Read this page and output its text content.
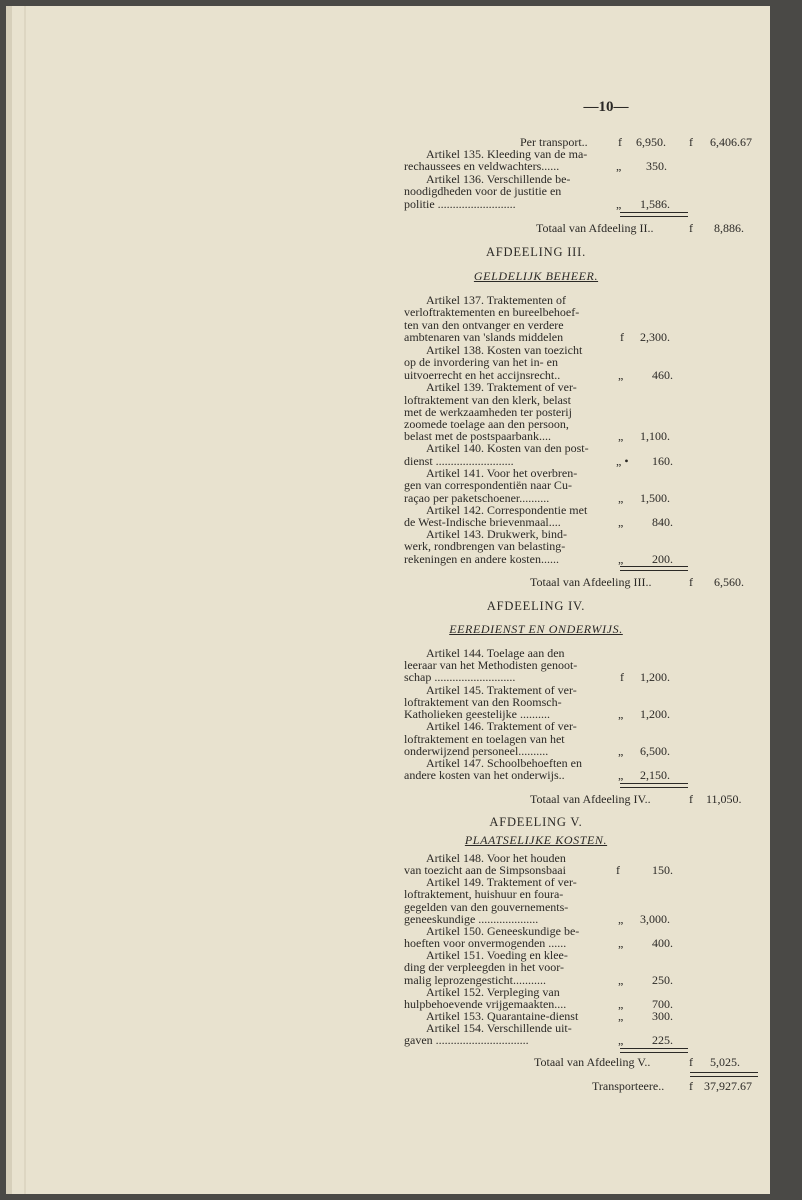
—10—
Per transport..	f 6,950. f 6,406.67
Artikel 135. Kleeding van de ma-
rechaussees en veldwachters......	„ 350.
Artikel 136. Verschillende be-
noodigdheden voor de justitie en
politie ..........................	„ 1,586.
Totaal van Afdeeling II..	f 8,886.
AFDEELING III.
GELDELIJK BEHEER.
Artikel 137. Traktementen of
verloftraktementen en bureelbehoef-
ten van den ontvanger en verdere
ambtenaren van 'slands middelen	f 2,300.
Artikel 138. Kosten van toezicht
op de invordering van het in- en
uitvoerrecht en het accijnsrecht..	„ 460.
Artikel 139. Traktement of ver-
loftraktement van den klerk, belast
met de werkzaamheden ter posterij
zoomede toelage aan den persoon,
belast met de postspaarbank....	„ 1,100.
Artikel 140. Kosten van den post-
dienst ..........................	„ • 160.
Artikel 141. Voor het overbren-
gen van correspondentiën naar Cu-
raçao per paketschoener..........	„ 1,500.
Artikel 142. Correspondentie met
de West-Indische brievenmaal....	„ 840.
Artikel 143. Drukwerk, bind-
werk, rondbrengen van belasting-
rekeningen en andere kosten......	„ 200.
Totaal van Afdeeling III..	f 6,560.
AFDEELING IV.
EEREDIENST EN ONDERWIJS.
Artikel 144. Toelage aan den
leeraar van het Methodisten genoot-
schap ...........................	f 1,200.
Artikel 145. Traktement of ver-
loftraktement van den Roomsch-
Katholieken geestelijke ..........	„ 1,200.
Artikel 146. Traktement of ver-
loftraktement en toelagen van het
onderwijzend personeel..........	„ 6,500.
Artikel 147. Schoolbehoeften en
andere kosten van het onderwijs..	„ 2,150.
Totaal van Afdeeling IV..	f 11,050.
AFDEELING V.
PLAATSELIJKE KOSTEN.
Artikel 148. Voor het houden
van toezicht aan de Simpsonsbaai	f	150.
Artikel 149. Traktement of ver-
loftraktement, huishuur en foura-
gegelden van den gouvernements-
geneeskundige ....................	„ 3,000.
Artikel 150. Geneeskundige be-
hoeften voor onvermogenden ......	„ 400.
Artikel 151. Voeding en klee-
ding der verpleegden in het voor-
malig leprozengesticht...........	„ 250.
Artikel 152. Verpleging van
hulpbehoevende vrijgemaakten....	„ 700.
Artikel 153. Quarantaine-dienst	„ 300.
Artikel 154. Verschillende uit-
gaven ...............................	„ 225.
Totaal van Afdeeling V..	f 5,025.
Transporteere.. f 37,927.67
